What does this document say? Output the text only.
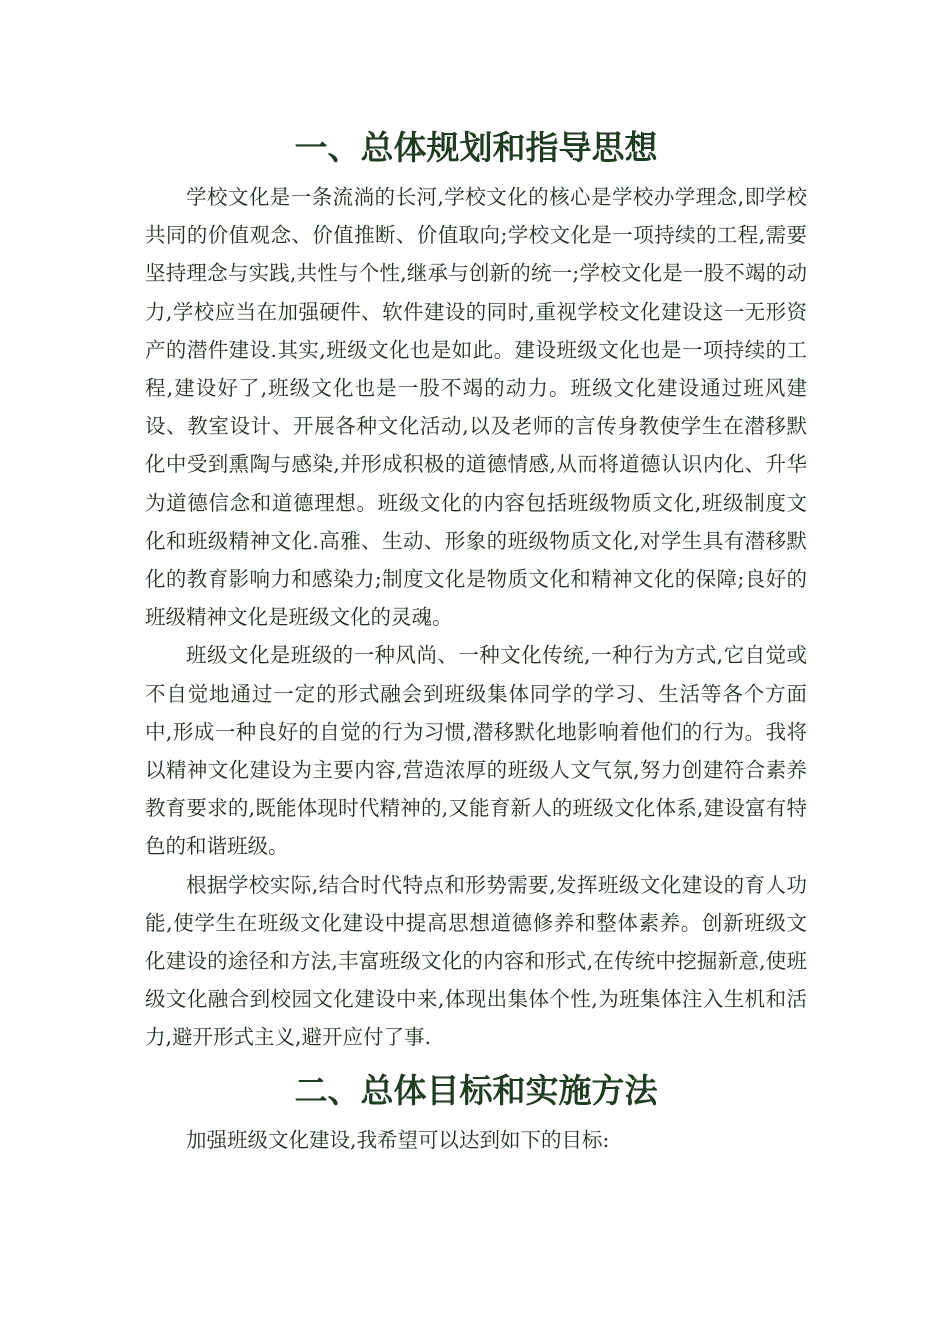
一、总体规划和指导思想

学校文化是一条流淌的长河,学校文化的核心是学校办学理念,即学校共同的价值观念、价值推断、价值取向;学校文化是一项持续的工程,需要坚持理念与实践,共性与个性,继承与创新的统一;学校文化是一股不竭的动力,学校应当在加强硬件、软件建设的同时,重视学校文化建设这一无形资产的潜件建设.其实,班级文化也是如此。建设班级文化也是一项持续的工程,建设好了,班级文化也是一股不竭的动力。班级文化建设通过班风建设、教室设计、开展各种文化活动,以及老师的言传身教使学生在潜移默化中受到熏陶与感染,并形成积极的道德情感,从而将道德认识内化、升华为道德信念和道德理想。班级文化的内容包括班级物质文化,班级制度文化和班级精神文化.高雅、生动、形象的班级物质文化,对学生具有潜移默化的教育影响力和感染力;制度文化是物质文化和精神文化的保障;良好的班级精神文化是班级文化的灵魂。

班级文化是班级的一种风尚、一种文化传统,一种行为方式,它自觉或不自觉地通过一定的形式融会到班级集体同学的学习、生活等各个方面中,形成一种良好的自觉的行为习惯,潜移默化地影响着他们的行为。我将以精神文化建设为主要内容,营造浓厚的班级人文气氛,努力创建符合素养教育要求的,既能体现时代精神的,又能育新人的班级文化体系,建设富有特色的和谐班级。

根据学校实际,结合时代特点和形势需要,发挥班级文化建设的育人功能,使学生在班级文化建设中提高思想道德修养和整体素养。创新班级文化建设的途径和方法,丰富班级文化的内容和形式,在传统中挖掘新意,使班级文化融合到校园文化建设中来,体现出集体个性,为班集体注入生机和活力,避开形式主义,避开应付了事.

二、总体目标和实施方法

加强班级文化建设,我希望可以达到如下的目标:
